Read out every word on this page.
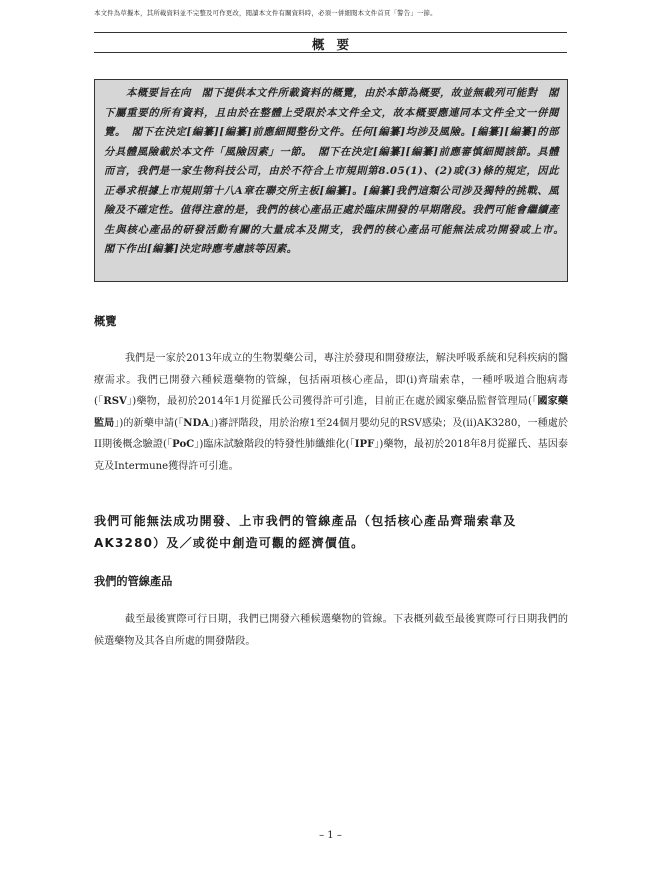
本文件為草擬本，其所載資料並不完整及可作更改，閱讀本文件有關資料時，必須一併細閱本文件首頁「警告」一節。
概要

本概要旨在向　閣下提供本文件所載資料的概覽，由於本節為概要，故並無載列可能對　閣下屬重要的所有資料，且由於在整體上受限於本文件全文，故本概要應連同本文件全文一併閱覽。　閣下在決定[編纂][編纂]前應細閱整份文件。任何[編纂]均涉及風險。[編纂][編纂]的部分具體風險載於本文件「風險因素」一節。　閣下在決定[編纂][編纂]前應審慎細閱該節。具體而言，我們是一家生物科技公司，由於不符合上市規則第8.05(1)、(2)或(3)條的規定，因此正尋求根據上市規則第十八A章在聯交所主板[編纂]。[編纂]我們這類公司涉及獨特的挑戰、風險及不確定性。值得注意的是，我們的核心產品正處於臨床開發的早期階段。我們可能會繼續產生與核心產品的研發活動有關的大量成本及開支，我們的核心產品可能無法成功開發或上市。　閣下作出[編纂]決定時應考慮該等因素。

概覽
我們是一家於2013年成立的生物製藥公司，專注於發現和開發療法，解決呼吸系統和兒科疾病的醫療需求。我們已開發六種候選藥物的管線，包括兩項核心產品，即(i)齊瑞索韋，一種呼吸道合胞病毒(「RSV」)藥物，最初於2014年1月從羅氏公司獲得許可引進，目前正在處於國家藥品監督管理局(「國家藥監局」)的新藥申請(「NDA」)審評階段，用於治療1至24個月嬰幼兒的RSV感染；及(ii)AK3280，一種處於II期後概念驗證(「PoC」)臨床試驗階段的特發性肺纖維化(「IPF」)藥物，最初於2018年8月從羅氏、基因泰克及Intermune獲得許可引進。
我們可能無法成功開發、上市我們的管線產品（包括核心產品齊瑞索韋及AK3280）及／或從中創造可觀的經濟價值。
我們的管線產品
截至最後實際可行日期，我們已開發六種候選藥物的管線。下表概列截至最後實際可行日期我們的候選藥物及其各自所處的開發階段。
– 1 –
